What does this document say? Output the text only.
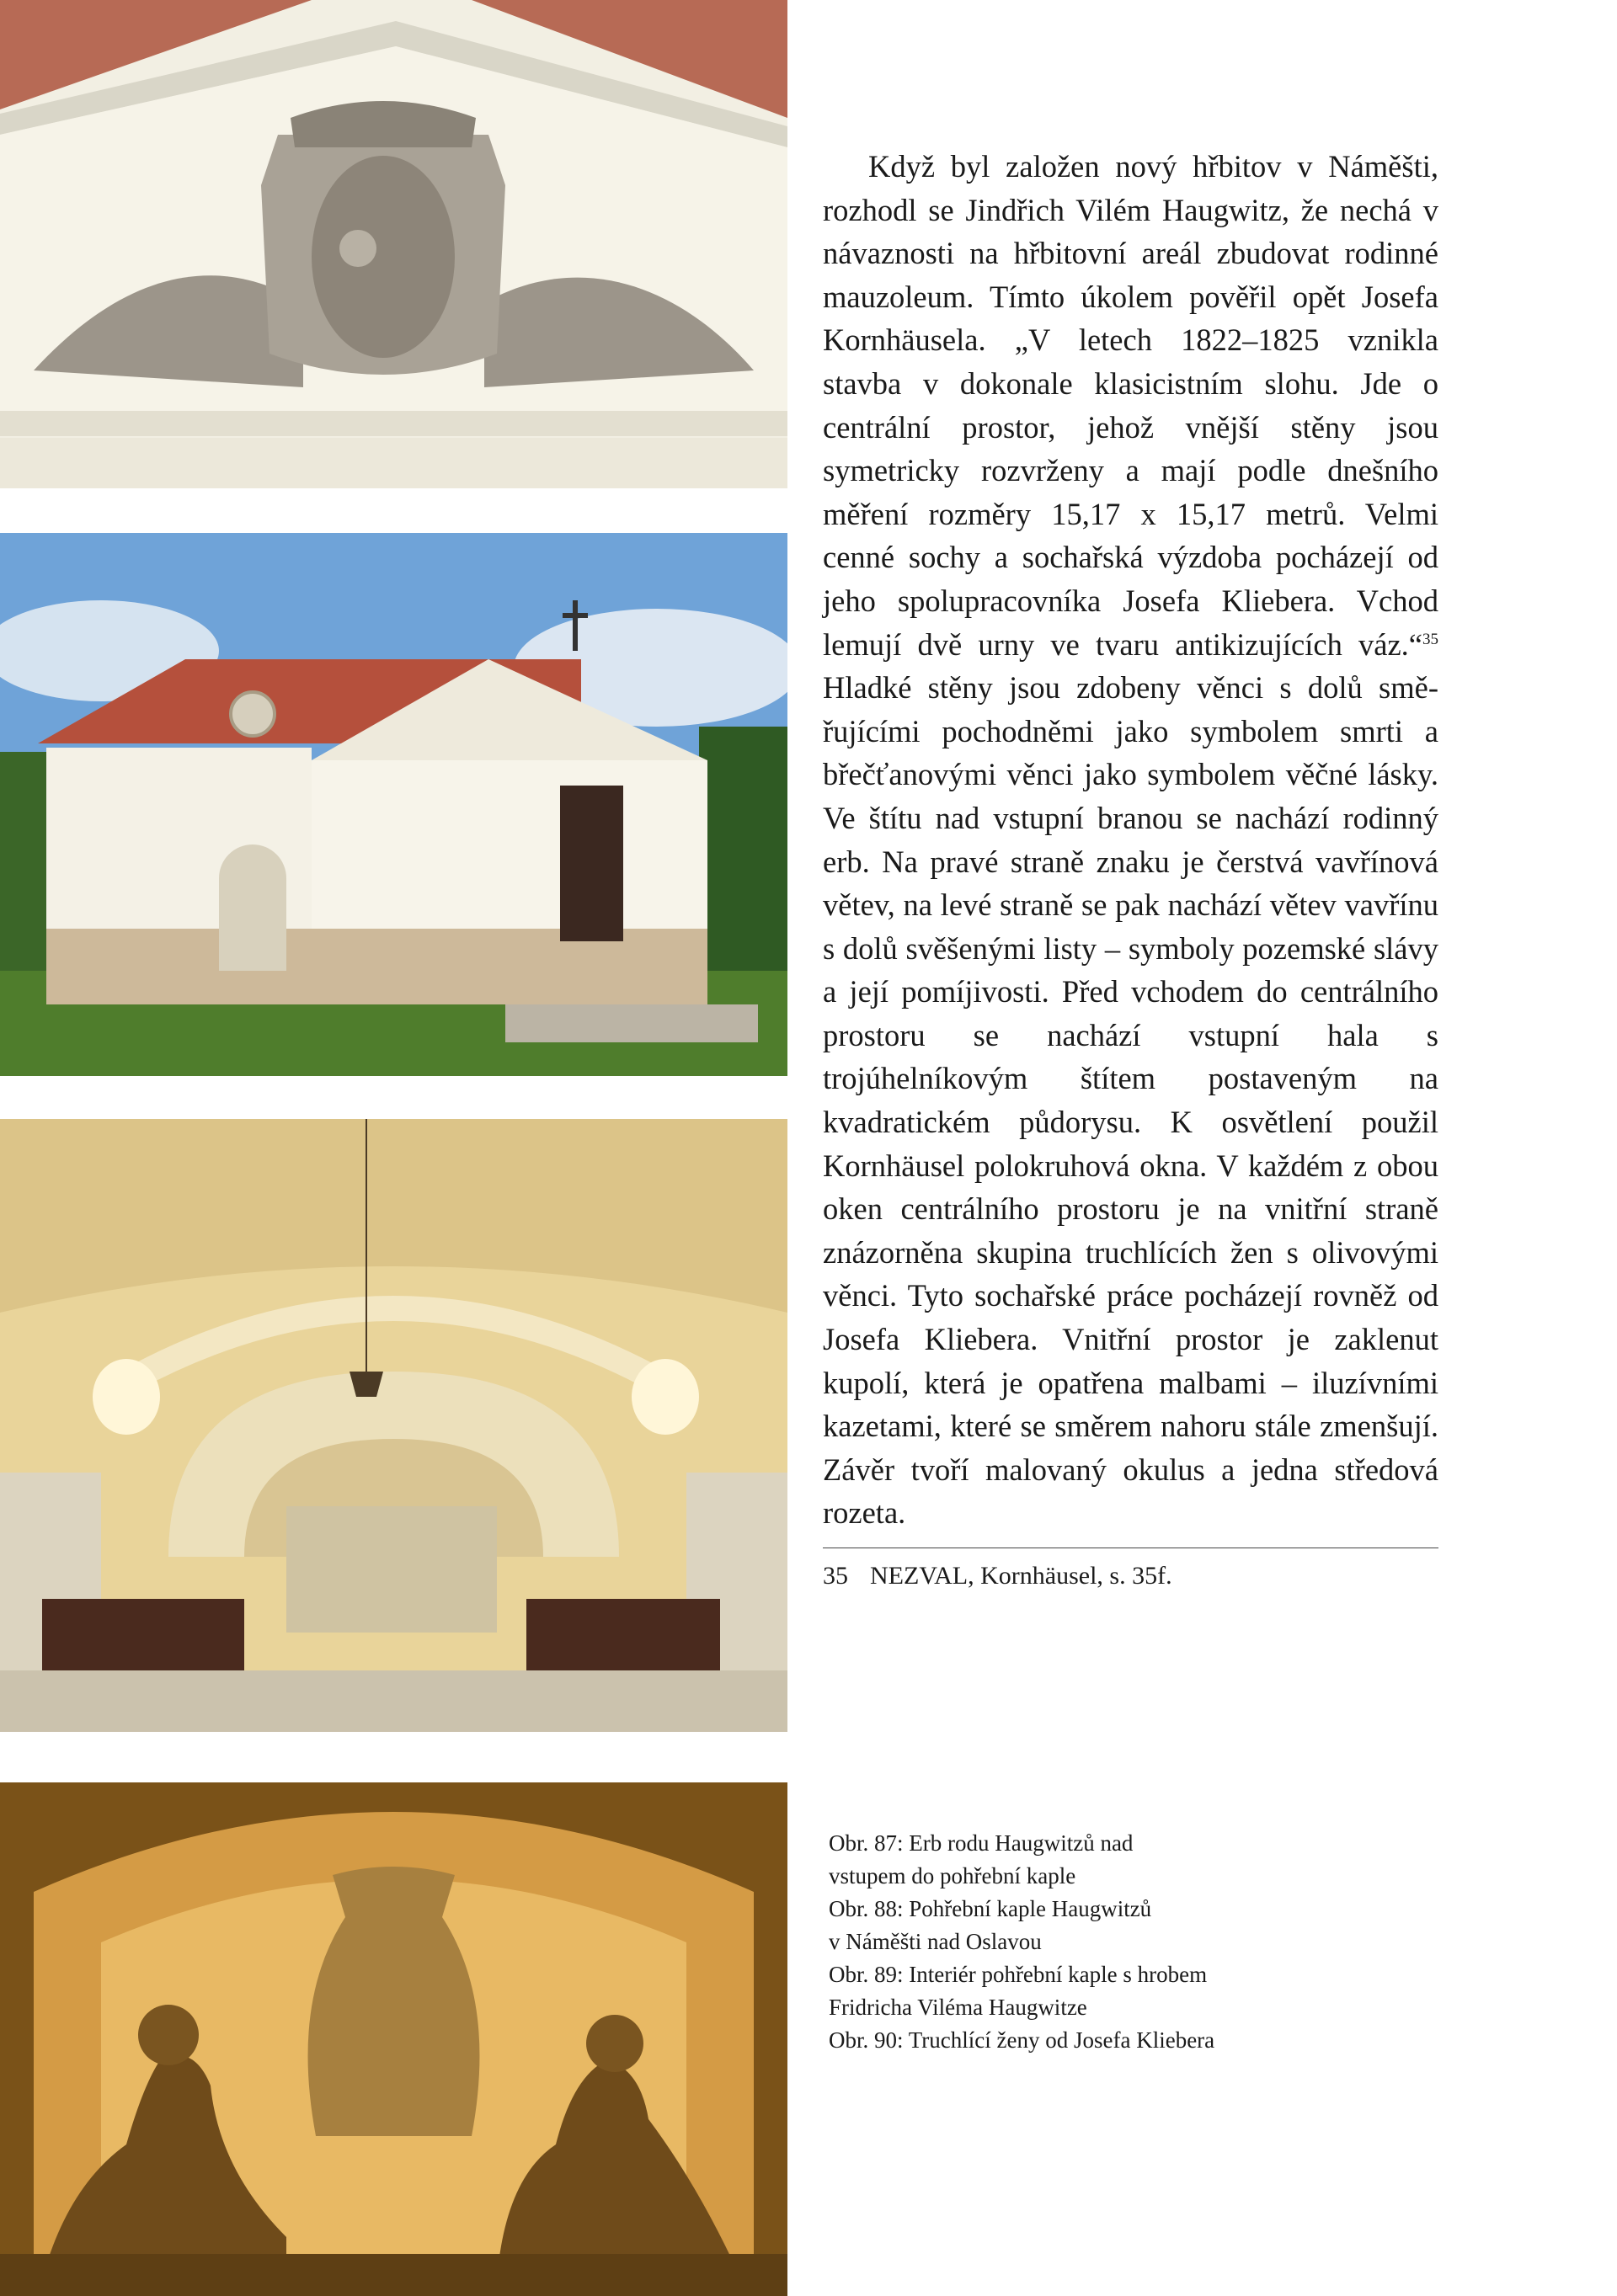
Když byl založen nový hřbitov v Náměšti, rozhodl se Jindřich Vilém Haugwitz, že nechá v návaznosti na hřbitovní areál zbudovat rodinné mauzoleum. Tímto úkolem pověřil opět Josefa Kornhäusela. „V letech 1822–1825 vznikla stavba v dokonale klasicistním slohu. Jde o centrální prostor, jehož vnější stěny jsou symetricky rozvrženy a mají podle dnešního měření rozměry 15,17 x 15,17 metrů. Velmi cenné sochy a sochařská výzdoba pocházejí od jeho spolupracovníka Josefa Kliebera. Vchod lemují dvě urny ve tvaru antikizujících váz.“$^{35}$ Hladké stěny jsou zdobeny věnci s dolů směřujícími pochodněmi jako symbolem smrti a břečťanovými věnci jako symbolem věčné lásky. Ve štítu nad vstupní branou se nachází rodinný erb. Na pravé straně znaku je čerstvá vavřínová větev, na levé straně se pak nachází větev vavřínu s dolů svěšenými listy – symboly pozemské slávy a její pomíjivosti. Před vchodem do centrálního prostoru se nachází vstupní hala s trojúhelníkovým štítem postaveným na kvadratickém půdorysu. K osvětlení použil Kornhäusel polokruhová okna. V každém z obou oken centrálního prostoru je na vnitřní straně znázorněna skupina truchlících žen s olivovými věnci. Tyto sochařské práce pocházejí rovněž od Josefa Kliebera. Vnitřní prostor je zaklenut kupolí, která je opatřena malbami – iluzívními kazetami, které se směrem nahoru stále zmenšují. Závěr tvoří malovaný okulus a jedna středová rozeta.

35 NEZVAL, Kornhäusel, s. 35f.

Obr. 87: Erb rodu Haugwitzů nad
vstupem do pohřební kaple
Obr. 88: Pohřební kaple Haugwitzů
v Náměšti nad Oslavou
Obr. 89: Interiér pohřební kaple s hrobem
Fridricha Viléma Haugwitze
Obr. 90: Truchlící ženy od Josefa Kliebera
